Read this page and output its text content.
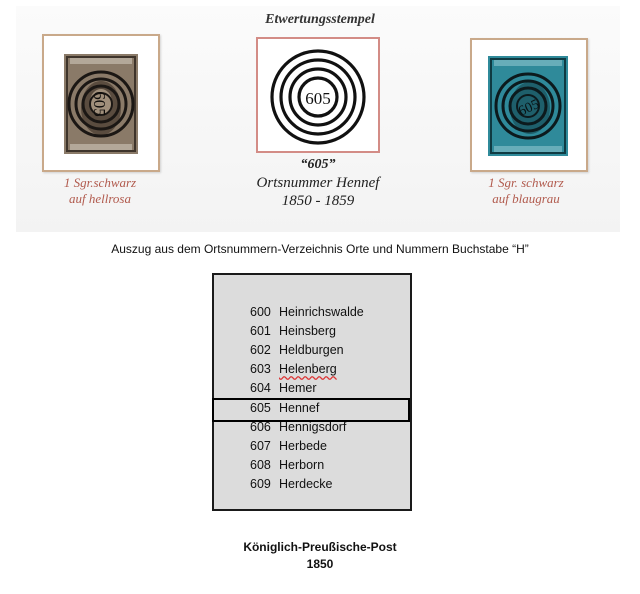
Etwertungsstempel
605
1 Sgr.schwarz
auf hellrosa
605
“605”
Ortsnummer Hennef
1850 - 1859
605
1 Sgr. schwarz
auf blaugrau
Auszug aus dem Ortsnummern-Verzeichnis Orte und Nummern Buchstabe “H”
600 Heinrichswalde
601 Heinsberg
602 Heldburgen
603 Helenberg
604 Hemer
605 Hennef
606 Hennigsdorf
607 Herbede
608 Herborn
609 Herdecke
Königlich-Preußische-Post
1850
